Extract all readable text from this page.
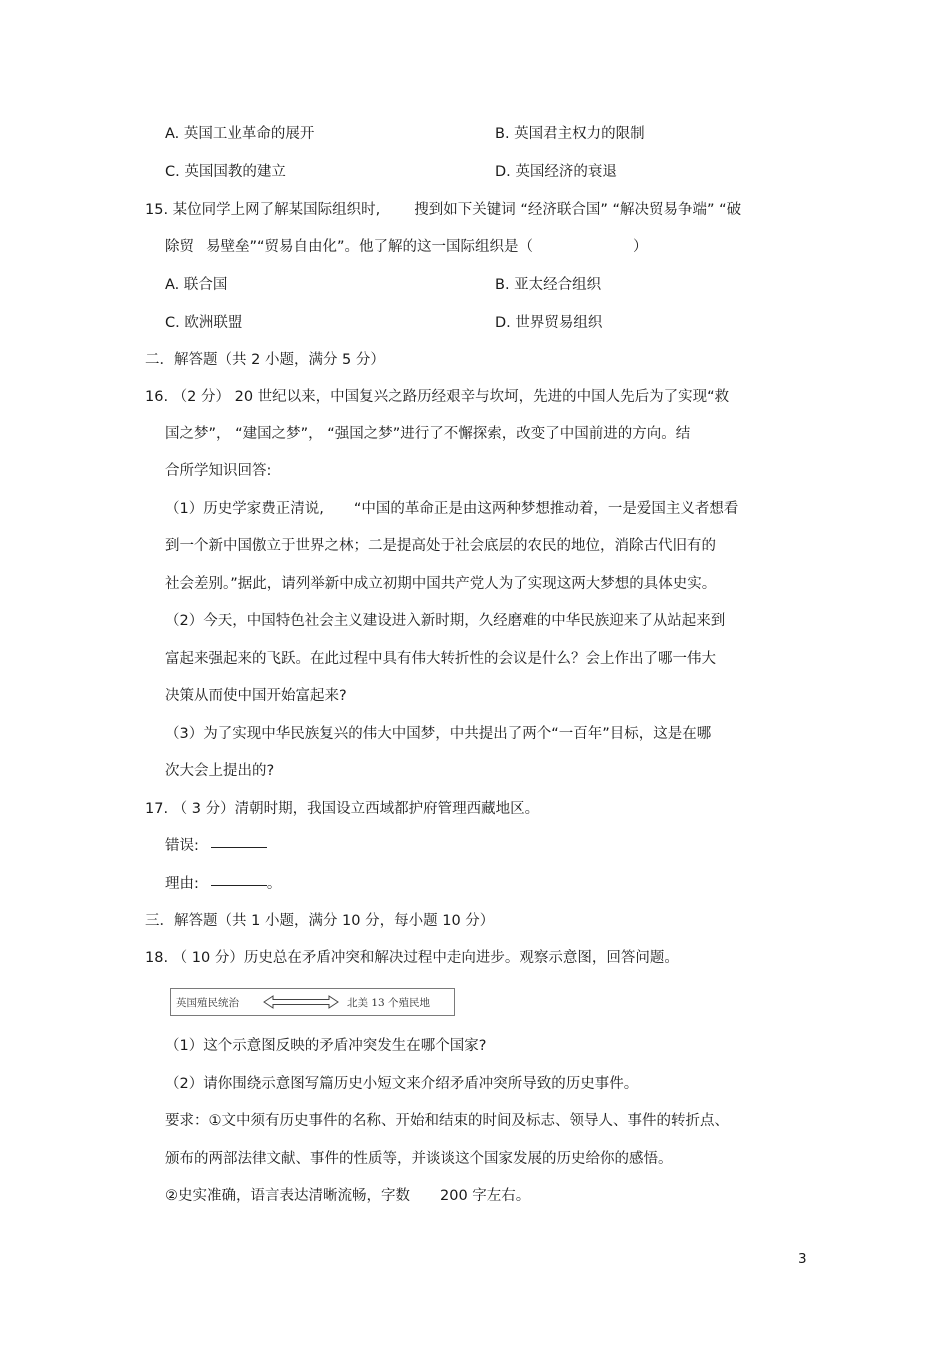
A. 英国工业革命的展开	B. 英国君主权力的限制
C. 英国国教的建立	D. 英国经济的衰退
15. 某位同学上网了解某国际组织时, 搜到如下关键词 “经济联合国” “解决贸易争端” “破
除贸 易壁垒”“贸易自由化”。他了解的这一国际组织是（	）
A. 联合国	B. 亚太经合组织
C. 欧洲联盟	D. 世界贸易组织
二．解答题（共 2 小题，满分 5 分）
16. （2 分） 20 世纪以来，中国复兴之路历经艰辛与坎坷，先进的中国人先后为了实现“救
国之梦”， “建国之梦”， “强国之梦”进行了不懈探索，改变了中国前进的方向。结
合所学知识回答:
（1）历史学家费正清说, “中国的革命正是由这两种梦想推动着，一是爱国主义者想看
到一个新中国傲立于世界之林；二是提高处于社会底层的农民的地位，消除古代旧有的
社会差别。”据此，请列举新中成立初期中国共产党人为了实现这两大梦想的具体史实。
（2）今天，中国特色社会主义建设进入新时期，久经磨难的中华民族迎来了从站起来到
富起来强起来的飞跃。在此过程中具有伟大转折性的会议是什么？会上作出了哪一伟大
决策从而使中国开始富起来?
（3）为了实现中华民族复兴的伟大中国梦，中共提出了两个“一百年”目标，这是在哪
次大会上提出的?
17. （ 3 分）清朝时期，我国设立西域都护府管理西藏地区。
错误:
理由:	。
三．解答题（共 1 小题，满分 10 分，每小题 10 分）
18. （ 10 分）历史总在矛盾冲突和解决过程中走向进步。观察示意图，回答问题。
英国殖民统治	北美 13 个殖民地
（1）这个示意图反映的矛盾冲突发生在哪个国家?
（2）请你围绕示意图写篇历史小短文来介绍矛盾冲突所导致的历史事件。
要求：①文中须有历史事件的名称、开始和结束的时间及标志、领导人、事件的转折点、
颁布的两部法律文献、事件的性质等，并谈谈这个国家发展的历史给你的感悟。
②史实准确，语言表达清晰流畅，字数 200 字左右。
3
